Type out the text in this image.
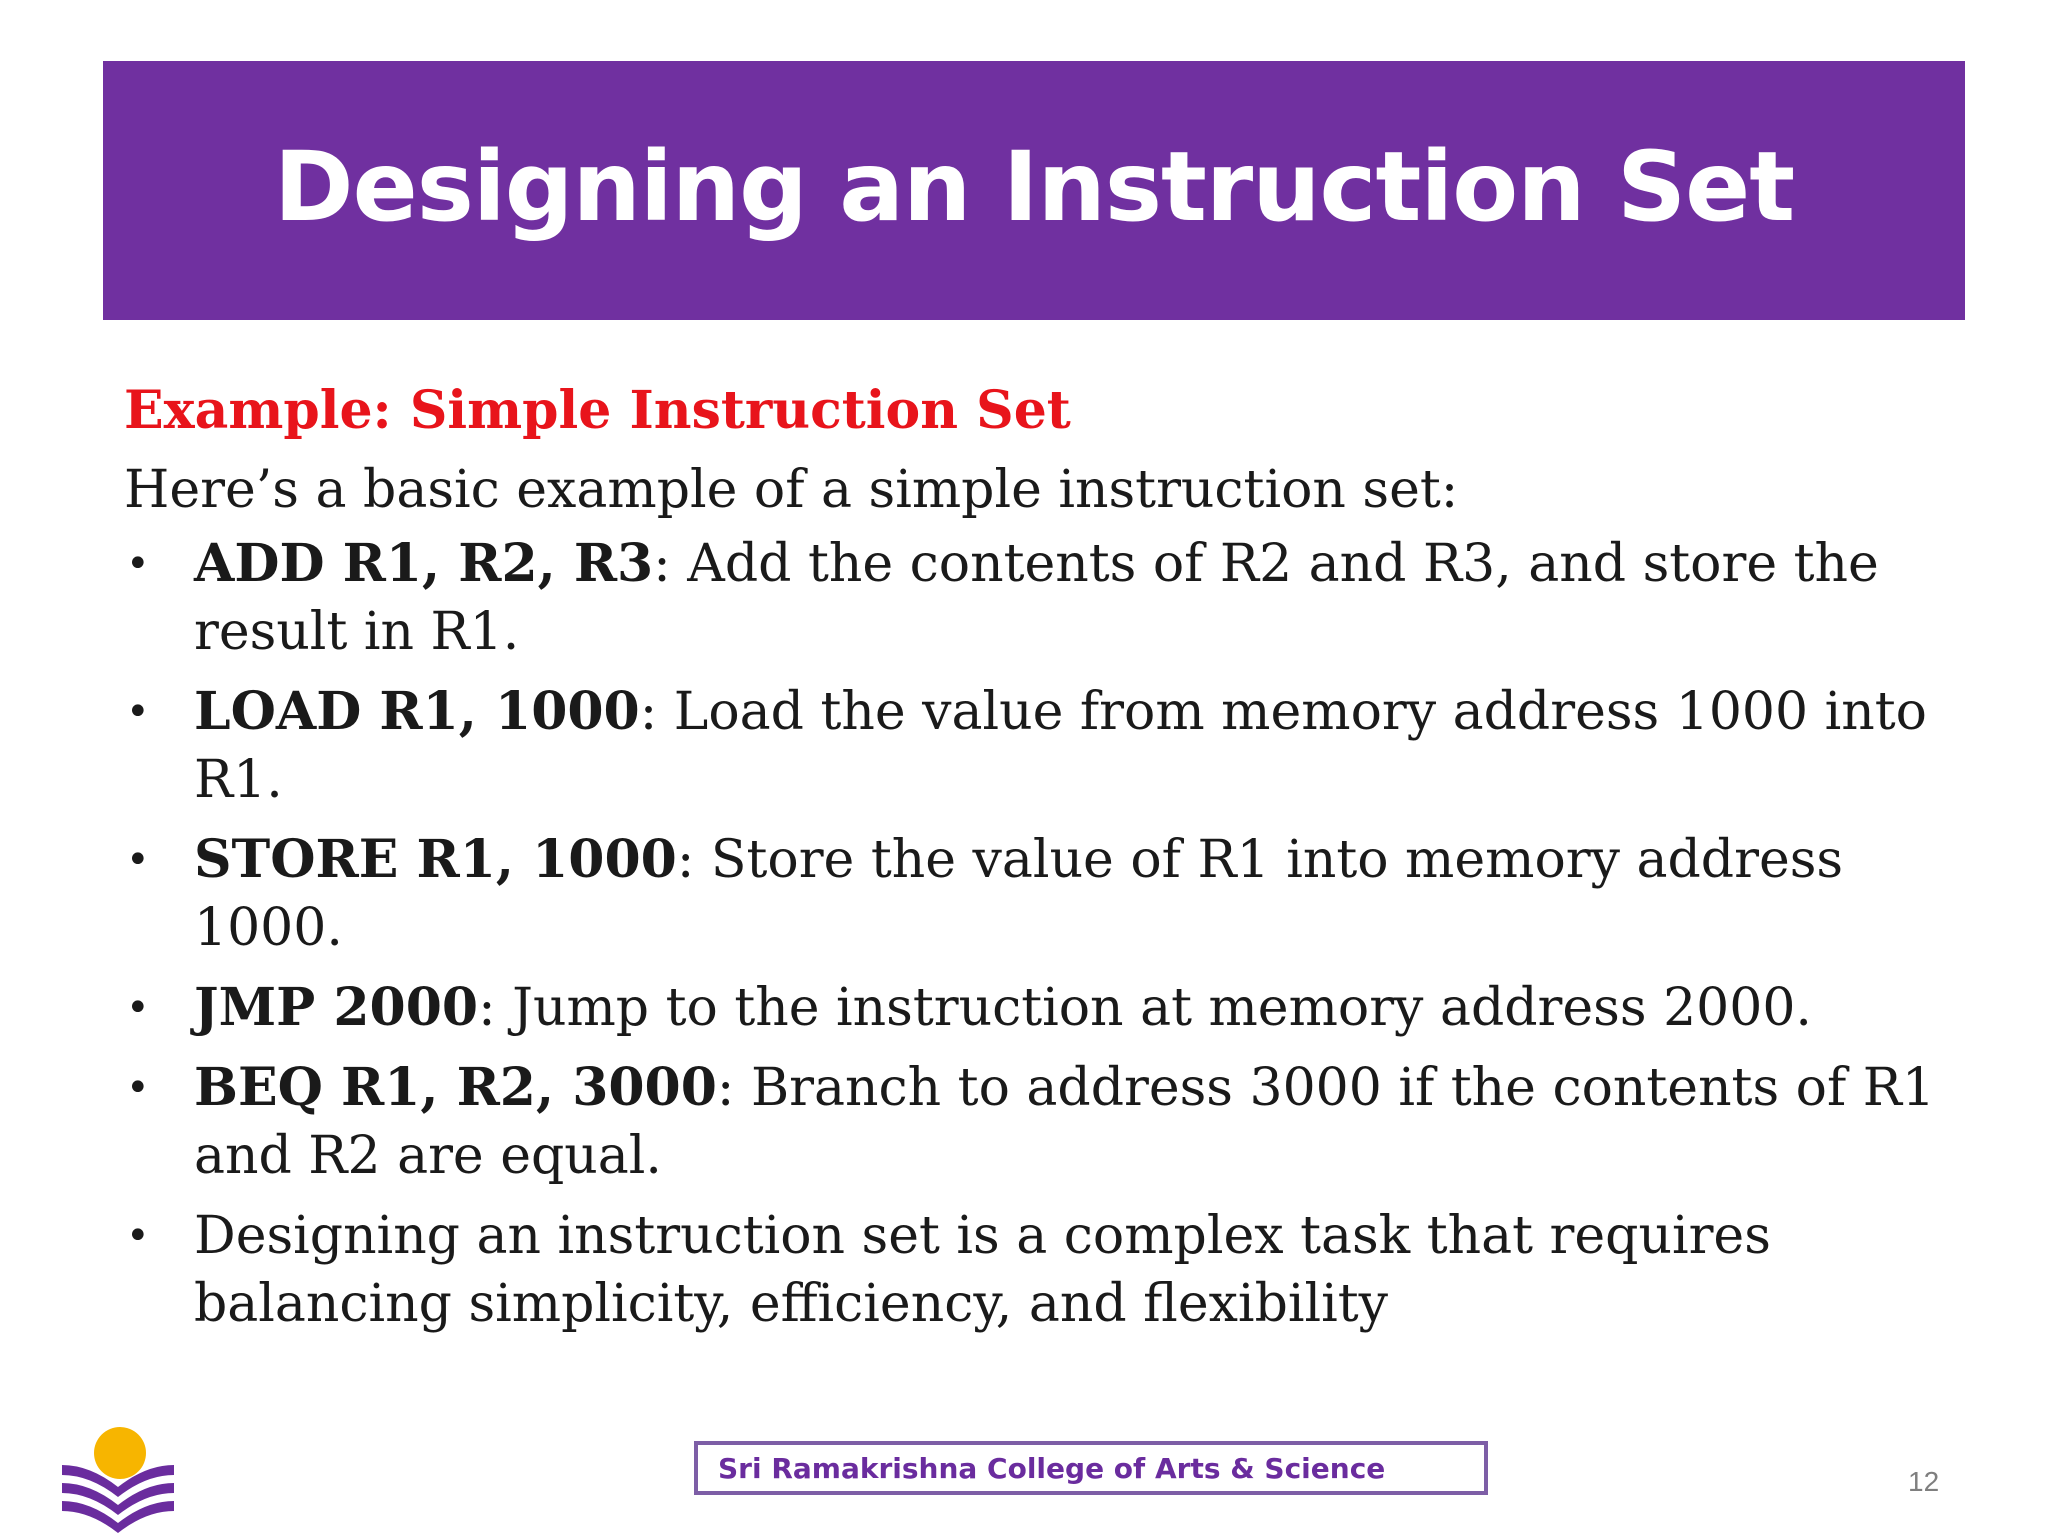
Designing an Instruction Set

Example: Simple Instruction Set

Here’s a basic example of a simple instruction set:

• ADD R1, R2, R3: Add the contents of R2 and R3, and store the result in R1.
• LOAD R1, 1000: Load the value from memory address 1000 into R1.
• STORE R1, 1000: Store the value of R1 into memory address 1000.
• JMP 2000: Jump to the instruction at memory address 2000.
• BEQ R1, R2, 3000: Branch to address 3000 if the contents of R1 and R2 are equal.
• Designing an instruction set is a complex task that requires balancing simplicity, efficiency, and flexibility
Sri Ramakrishna College of Arts & Science	12
